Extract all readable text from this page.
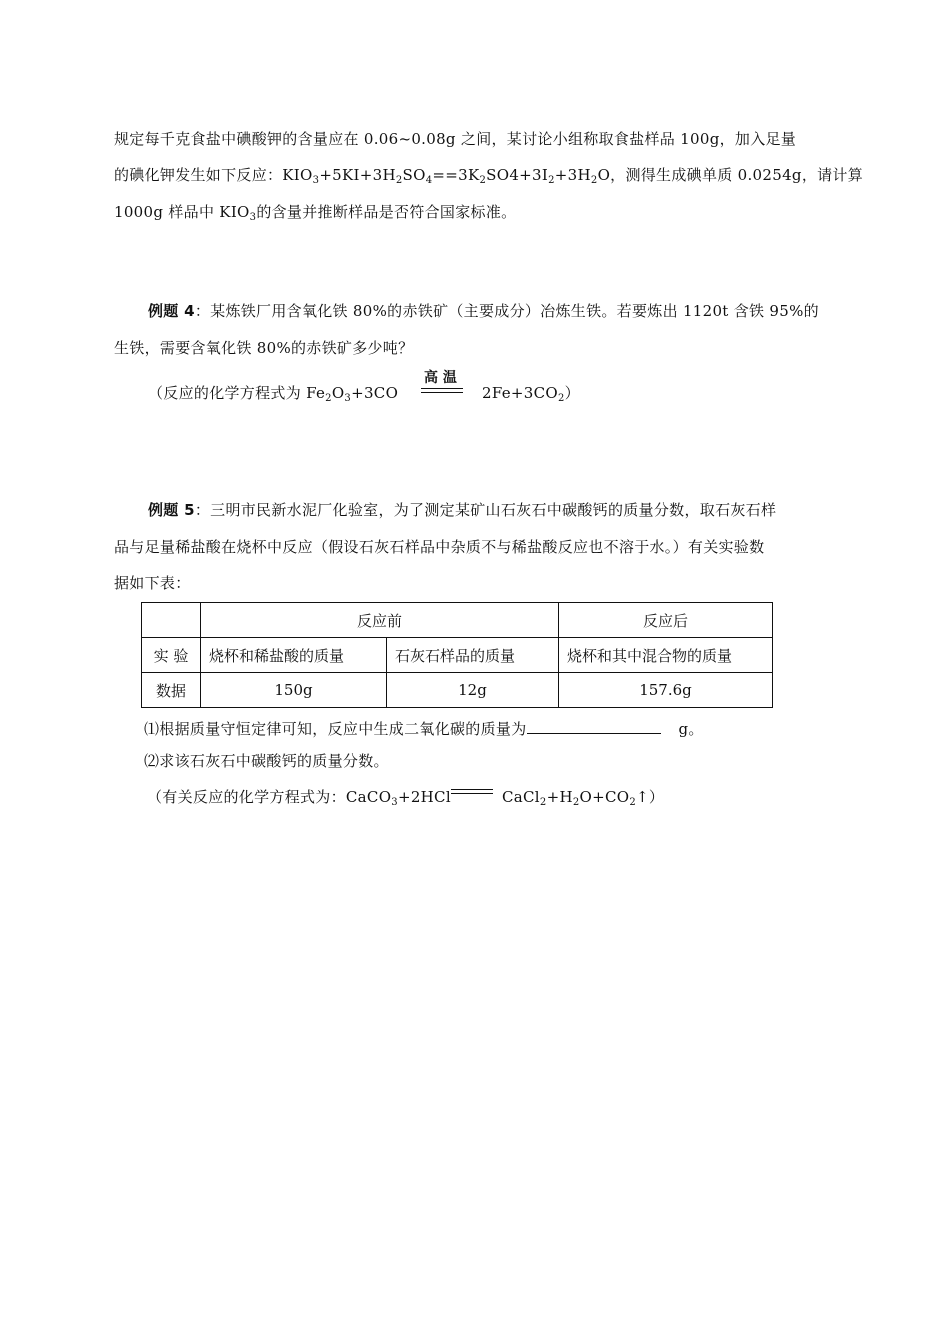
规定每千克食盐中碘酸钾的含量应在 0.06~0.08g 之间，某讨论小组称取食盐样品 100g，加入足量
的碘化钾发生如下反应：$KIO_3+5KI+3H_2SO_4==3K_2SO4+3I_2+3H_2O$，测得生成碘单质 0.0254g，请计算
1000g 样品中 $KIO_3$的含量并推断样品是否符合国家标准。
例题 4：某炼铁厂用含氧化铁 80%的赤铁矿（主要成分）冶炼生铁。若要炼出 1120t 含铁 95%的
生铁，需要含氧化铁 80%的赤铁矿多少吨？
（反应的化学方程式为 $Fe_2O_3+3CO$
高 温
$2Fe+3CO_2$）
例题 5：三明市民新水泥厂化验室，为了测定某矿山石灰石中碳酸钙的质量分数，取石灰石样
品与足量稀盐酸在烧杯中反应（假设石灰石样品中杂质不与稀盐酸反应也不溶于水。）有关实验数
据如下表：
	反应前		反应后
实 验	烧杯和稀盐酸的质量	石灰石样品的质量	烧杯和其中混合物的质量
数据	150g	12g	157.6g
⑴根据质量守恒定律可知，反应中生成二氧化碳的质量为	g。
⑵求该石灰石中碳酸钙的质量分数。
（有关反应的化学方程式为：CaCO$_3$+2HCl	$CaCl_2+H_2O+CO_2↑$）
